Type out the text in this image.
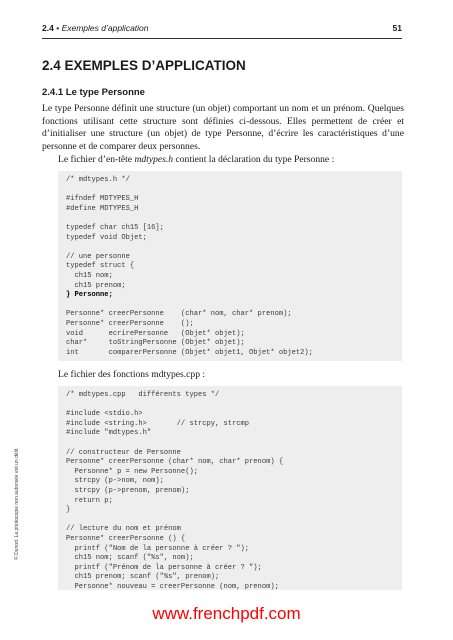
2.4 • Exemples d’application	51
2.4 EXEMPLES D’APPLICATION
2.4.1 Le type Personne
Le type Personne définit une structure (un objet) comportant un nom et un prénom. Quelques fonctions utilisant cette structure sont définies ci-dessous. Elles permettent de créer et d’initialiser une structure (un objet) de type Personne, d’écrire les caractéristiques d’une personne et de comparer deux personnes.
Le fichier d’en-tête mdtypes.h contient la déclaration du type Personne :
/* mdtypes.h */

#ifndef MDTYPES_H
#define MDTYPES_H

typedef char ch15 [16];
typedef void Objet;

// une personne
typedef struct {
ch15 nom;
ch15 prenom;
} Personne;

Personne* creerPersonne    (char* nom, char* prenom);
Personne* creerPersonne    ();
void      ecrirePersonne   (Objet* objet);
char*     toStringPersonne (Objet* objet);
int       comparerPersonne (Objet* objet1, Objet* objet2);

Le fichier des fonctions mdtypes.cpp :
/* mdtypes.cpp   différents types */

#include <stdio.h>
#include <string.h>       // strcpy, strcmp
#include "mdtypes.h"

// constructeur de Personne
Personne* creerPersonne (char* nom, char* prenom) {
Personne* p = new Personne();
strcpy (p->nom, nom);
strcpy (p->prenom, prenom);
return p;
}

// lecture du nom et prénom
Personne* creerPersonne () {
printf ("Nom de la personne à créer ? ");
ch15 nom; scanf ("%s", nom);
printf ("Prénom de la personne à créer ? ");
ch15 prenom; scanf ("%s", prenom);
Personne* nouveau = creerPersonne (nom, prenom);
© Dunod. La photocopie non autorisée est un délit.
www.frenchpdf.com
